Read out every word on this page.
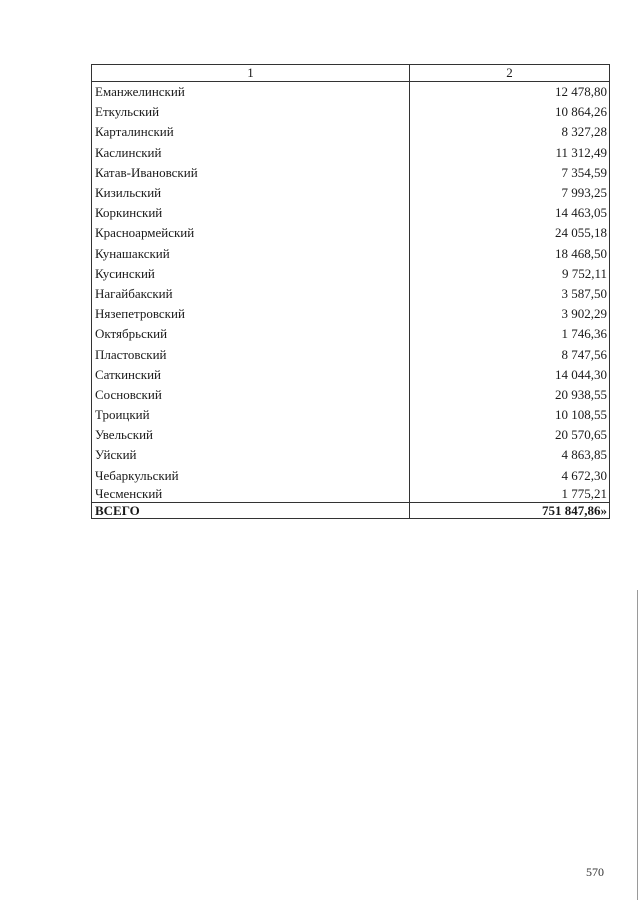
1	2
Еманжелинский	12 478,80
Еткульский	10 864,26
Карталинский	8 327,28
Каслинский	11 312,49
Катав-Ивановский	7 354,59
Кизильский	7 993,25
Коркинский	14 463,05
Красноармейский	24 055,18
Кунашакский	18 468,50
Кусинский	9 752,11
Нагайбакский	3 587,50
Нязепетровский	3 902,29
Октябрьский	1 746,36
Пластовский	8 747,56
Саткинский	14 044,30
Сосновский	20 938,55
Троицкий	10 108,55
Увельский	20 570,65
Уйский	4 863,85
Чебаркульский	4 672,30
Чесменский	1 775,21
ВСЕГО	751 847,86»
570
